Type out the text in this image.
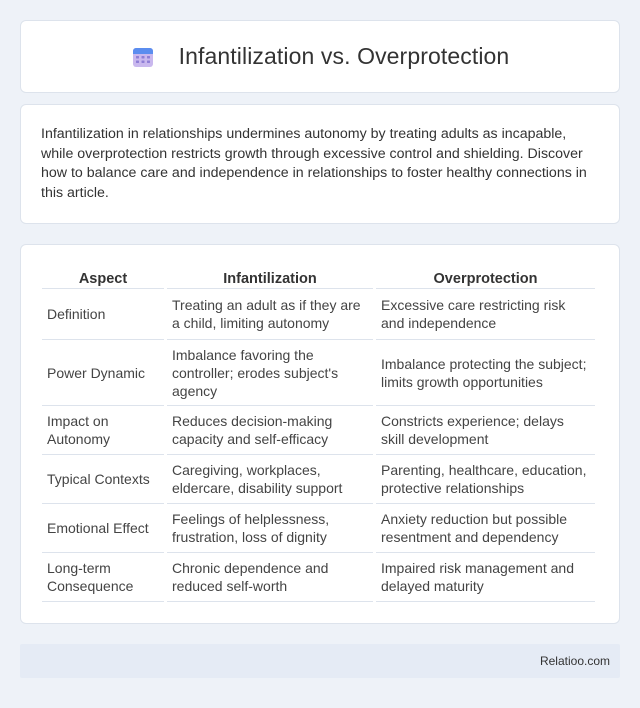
Infantilization vs. Overprotection

Infantilization in relationships undermines autonomy by treating adults as incapable, while overprotection restricts growth through excessive control and shielding. Discover how to balance care and independence in relationships to foster healthy connections in this article.

Aspect	Infantilization	Overprotection
Definition	Treating an adult as if they are a child, limiting autonomy	Excessive care restricting risk and independence
Power Dynamic	Imbalance favoring the controller; erodes subject's agency	Imbalance protecting the subject; limits growth opportunities
Impact on Autonomy	Reduces decision-making capacity and self-efficacy	Constricts experience; delays skill development
Typical Contexts	Caregiving, workplaces, eldercare, disability support	Parenting, healthcare, education, protective relationships
Emotional Effect	Feelings of helplessness, frustration, loss of dignity	Anxiety reduction but possible resentment and dependency
Long-term Consequence	Chronic dependence and reduced self-worth	Impaired risk management and delayed maturity
Relatioo.com
